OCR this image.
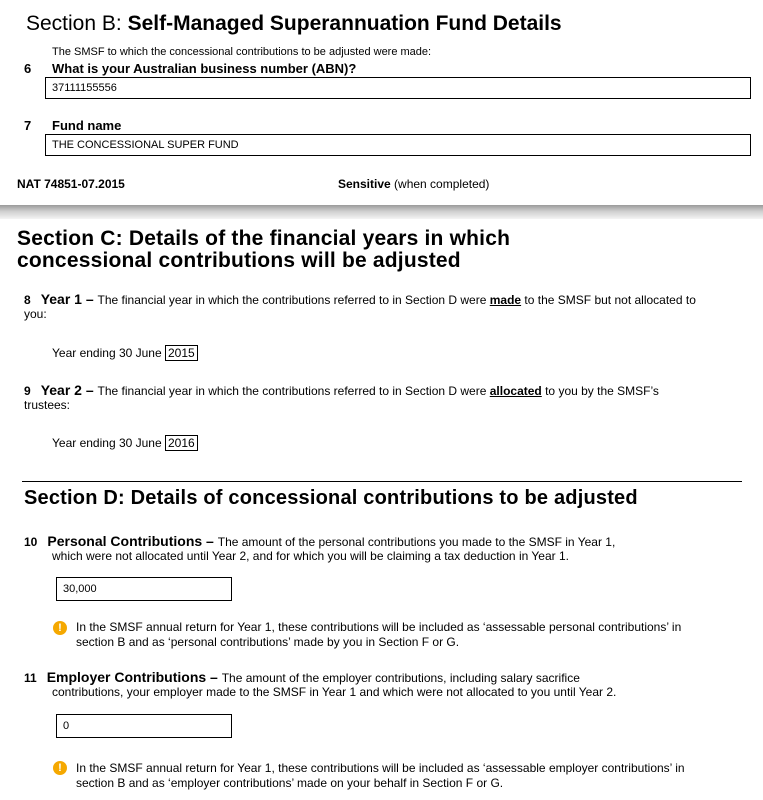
Section B: Self-Managed Superannuation Fund Details
The SMSF to which the concessional contributions to be adjusted were made:
6 What is your Australian business number (ABN)?
37111155556
7 Fund name
THE CONCESSIONAL SUPER FUND
NAT 74851-07.2015	Sensitive (when completed)
Section C: Details of the financial years in which
concessional contributions will be adjusted
8 Year 1 – The financial year in which the contributions referred to in Section D were made to the SMSF but not allocated to
you:
Year ending 30 June 2015
9 Year 2 – The financial year in which the contributions referred to in Section D were allocated to you by the SMSF’s
trustees:
Year ending 30 June 2016
Section D: Details of concessional contributions to be adjusted
10 Personal Contributions – The amount of the personal contributions you made to the SMSF in Year 1,
which were not allocated until Year 2, and for which you will be claiming a tax deduction in Year 1.
30,000
!	In the SMSF annual return for Year 1, these contributions will be included as ‘assessable personal contributions’ in
section B and as ‘personal contributions’ made by you in Section F or G.
11 Employer Contributions – The amount of the employer contributions, including salary sacrifice
contributions, your employer made to the SMSF in Year 1 and which were not allocated to you until Year 2.
0
!	In the SMSF annual return for Year 1, these contributions will be included as ‘assessable employer contributions’ in
section B and as ‘employer contributions’ made on your behalf in Section F or G.
